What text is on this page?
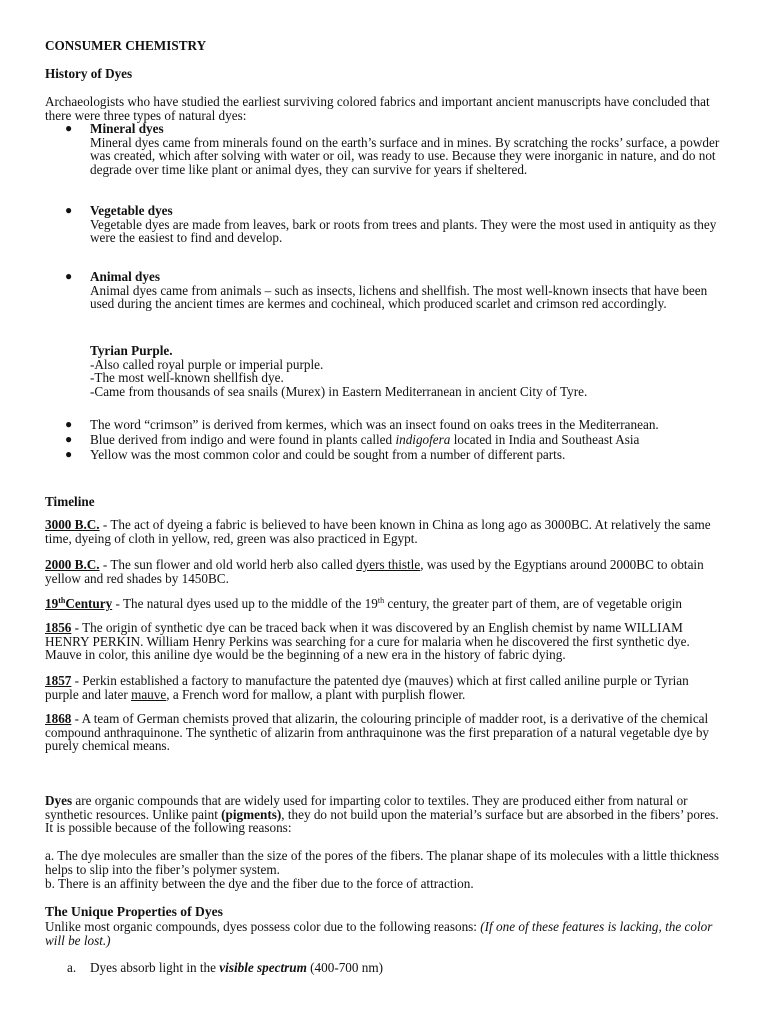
CONSUMER CHEMISTRY
History of Dyes
Archaeologists who have studied the earliest surviving colored fabrics and important ancient manuscripts have concluded that there were three types of natural dyes:
● Mineral dyes
Mineral dyes came from minerals found on the earth’s surface and in mines. By scratching the rocks’ surface, a powder was created, which after solving with water or oil, was ready to use. Because they were inorganic in nature, and do not degrade over time like plant or animal dyes, they can survive for years if sheltered.
● Vegetable dyes
Vegetable dyes are made from leaves, bark or roots from trees and plants. They were the most used in antiquity as they were the easiest to find and develop.
● Animal dyes
Animal dyes came from animals – such as insects, lichens and shellfish. The most well-known insects that have been used during the ancient times are kermes and cochineal, which produced scarlet and crimson red accordingly.
Tyrian Purple.
-Also called royal purple or imperial purple.
-The most well-known shellfish dye.
-Came from thousands of sea snails (Murex) in Eastern Mediterranean in ancient City of Tyre.
● The word “crimson” is derived from kermes, which was an insect found on oaks trees in the Mediterranean.
● Blue derived from indigo and were found in plants called indigofera located in India and Southeast Asia
● Yellow was the most common color and could be sought from a number of different parts.
Timeline
3000 B.C. - The act of dyeing a fabric is believed to have been known in China as long ago as 3000BC. At relatively the same time, dyeing of cloth in yellow, red, green was also practiced in Egypt.
2000 B.C. - The sun flower and old world herb also called dyers thistle, was used by the Egyptians around 2000BC to obtain yellow and red shades by 1450BC.
19thCentury - The natural dyes used up to the middle of the 19th century, the greater part of them, are of vegetable origin
1856 - The origin of synthetic dye can be traced back when it was discovered by an English chemist by name WILLIAM HENRY PERKIN. William Henry Perkins was searching for a cure for malaria when he discovered the first synthetic dye. Mauve in color, this aniline dye would be the beginning of a new era in the history of fabric dying.
1857 - Perkin established a factory to manufacture the patented dye (mauves) which at first called aniline purple or Tyrian purple and later mauve, a French word for mallow, a plant with purplish flower.
1868 - A team of German chemists proved that alizarin, the colouring principle of madder root, is a derivative of the chemical compound anthraquinone. The synthetic of alizarin from anthraquinone was the first preparation of a natural vegetable dye by purely chemical means.
Dyes are organic compounds that are widely used for imparting color to textiles. They are produced either from natural or synthetic resources. Unlike paint (pigments), they do not build upon the material’s surface but are absorbed in the fibers’ pores. It is possible because of the following reasons:
a. The dye molecules are smaller than the size of the pores of the fibers. The planar shape of its molecules with a little thickness helps to slip into the fiber’s polymer system.
b. There is an affinity between the dye and the fiber due to the force of attraction.
The Unique Properties of Dyes
Unlike most organic compounds, dyes possess color due to the following reasons: (If one of these features is lacking, the color will be lost.)
a. Dyes absorb light in the visible spectrum (400-700 nm)
